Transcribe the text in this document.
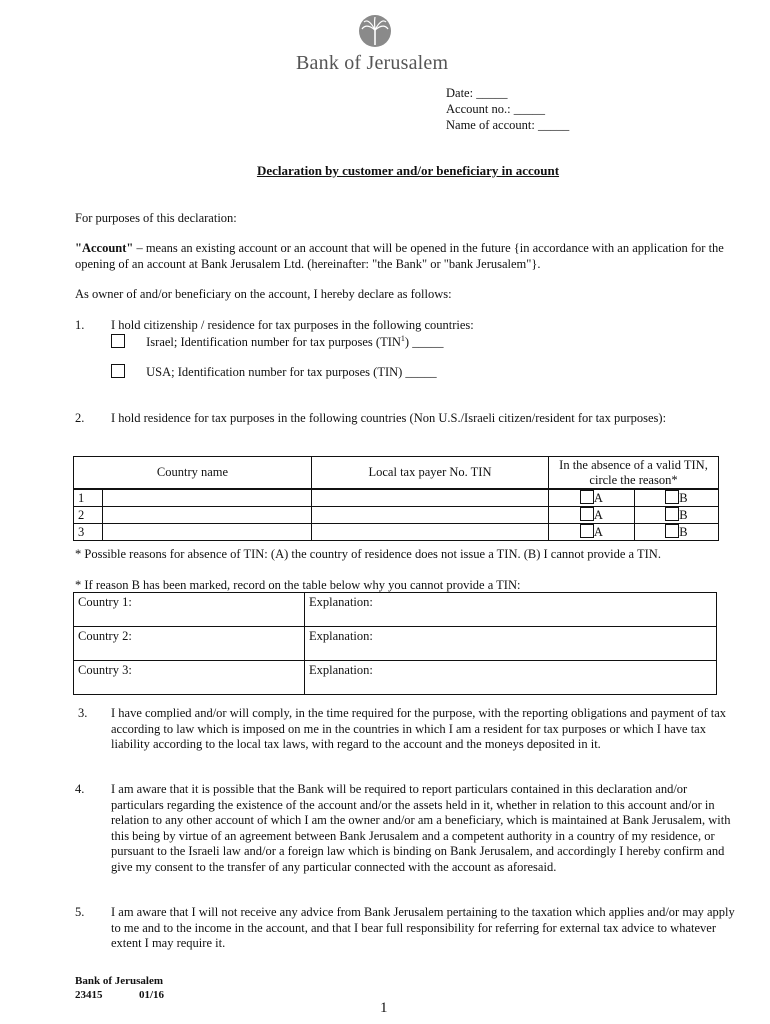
Bank of Jerusalem
Date: _____
Account no.: _____
Name of account: _____
Declaration by customer and/or beneficiary in account
For purposes of this declaration:
"Account" – means an existing account or an account that will be opened in the future {in accordance with an application for the opening of an account at Bank Jerusalem Ltd. (hereinafter: "the Bank" or "bank Jerusalem"}.
As owner of and/or beneficiary on the account, I hereby declare as follows:
1. I hold citizenship / residence for tax purposes in the following countries:
Israel; Identification number for tax purposes (TIN$^1$) _____
USA; Identification number for tax purposes (TIN) _____
2. I hold residence for tax purposes in the following countries (Non U.S./Israeli citizen/resident for tax purposes):
Country name		Local tax payer No. TIN	In the absence of a valid TIN, circle the reason*	
1			A	B
2			A	B
3			A	B
* Possible reasons for absence of TIN: (A) the country of residence does not issue a TIN. (B) I cannot provide a TIN.
* If reason B has been marked, record on the table below why you cannot provide a TIN:
Country 1:	Explanation:
Country 2:	Explanation:
Country 3:	Explanation:
3. I have complied and/or will comply, in the time required for the purpose, with the reporting obligations and payment of tax according to law which is imposed on me in the countries in which I am a resident for tax purposes or which I have tax liability according to the local tax laws, with regard to the account and the moneys deposited in it.
4. I am aware that it is possible that the Bank will be required to report particulars contained in this declaration and/or particulars regarding the existence of the account and/or the assets held in it, whether in relation to this account and/or in relation to any other account of which I am the owner and/or am a beneficiary, which is maintained at Bank Jerusalem, with this being by virtue of an agreement between Bank Jerusalem and a competent authority in a country of my residence, or pursuant to the Israeli law and/or a foreign law which is binding on Bank Jerusalem, and accordingly I hereby confirm and give my consent to the transfer of any particular connected with the account as aforesaid.
5. I am aware that I will not receive any advice from Bank Jerusalem pertaining to the taxation which applies and/or may apply to me and to the income in the account, and that I bear full responsibility for referring for external tax advice to whatever extent I may require it.
Bank of Jerusalem
23415	01/16
1
